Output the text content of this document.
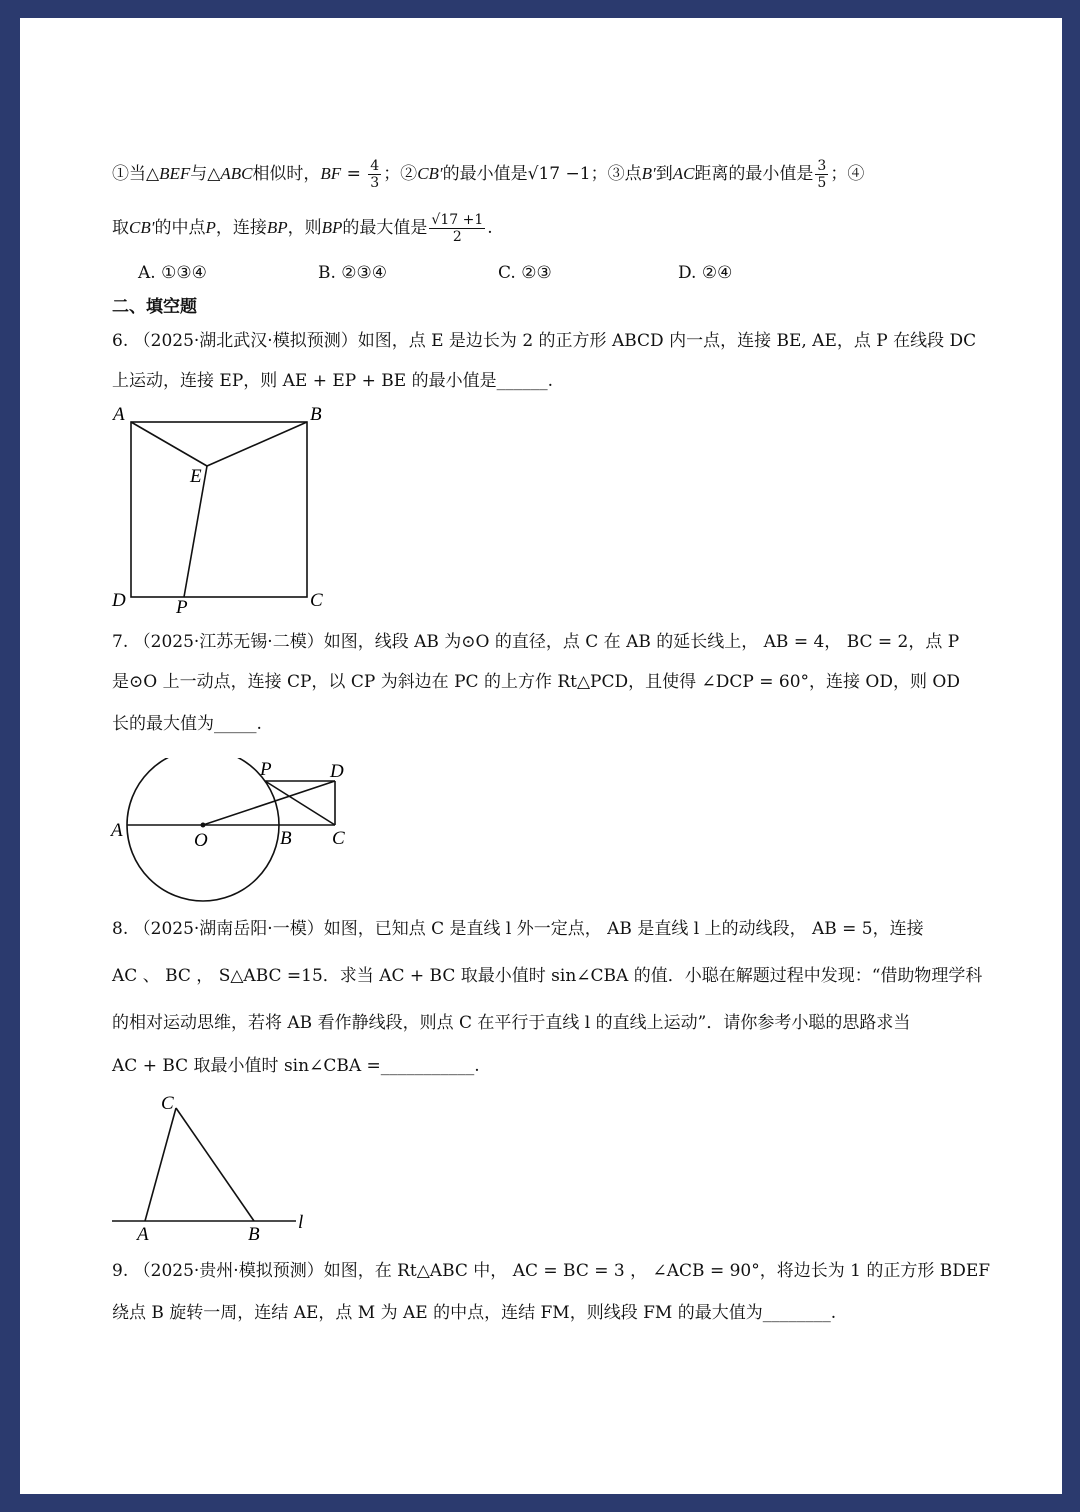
①当△BEF与△ABC相似时，BF = $\frac{4}{3}$ ；②CB′的最小值是√17 −1；③点B′到AC距离的最小值是 $\frac{3}{5}$ ；④
取CB′的中点P，连接BP，则BP的最大值是 $\frac{√17 +1}{2}$ .
A. ①③④	B. ②③④	C. ②③	D. ②④
二、填空题
6. （2025·湖北武汉·模拟预测）如图，点 E 是边长为 2 的正方形 ABCD 内一点，连接 BE, AE，点 P 在线段 DC
上运动，连接 EP，则 AE + EP + BE 的最小值是______.
A	B
E
D	P	C
7. （2025·江苏无锡·二模）如图，线段 AB 为⊙O 的直径，点 C 在 AB 的延长线上， AB = 4， BC = 2，点 P
是⊙O 上一动点，连接 CP，以 CP 为斜边在 PC 的上方作 Rt△PCD，且使得 ∠DCP = 60°，连接 OD，则 OD
长的最大值为_____.
A	O	B C
P	D
8. （2025·湖南岳阳·一模）如图，已知点 C 是直线 l 外一定点， AB 是直线 l 上的动线段， AB = 5，连接
AC 、 BC ， S△ABC =15．求当 AC + BC 取最小值时 sin∠CBA 的值．小聪在解题过程中发现：“借助物理学科
的相对运动思维，若将 AB 看作静线段，则点 C 在平行于直线 l 的直线上运动”．请你参考小聪的思路求当
AC + BC 取最小值时 sin∠CBA =___________.
C
A	B
l
9. （2025·贵州·模拟预测）如图，在 Rt△ABC 中， AC = BC = 3 ， ∠ACB = 90°，将边长为 1 的正方形 BDEF
绕点 B 旋转一周，连结 AE，点 M 为 AE 的中点，连结 FM，则线段 FM 的最大值为________.
